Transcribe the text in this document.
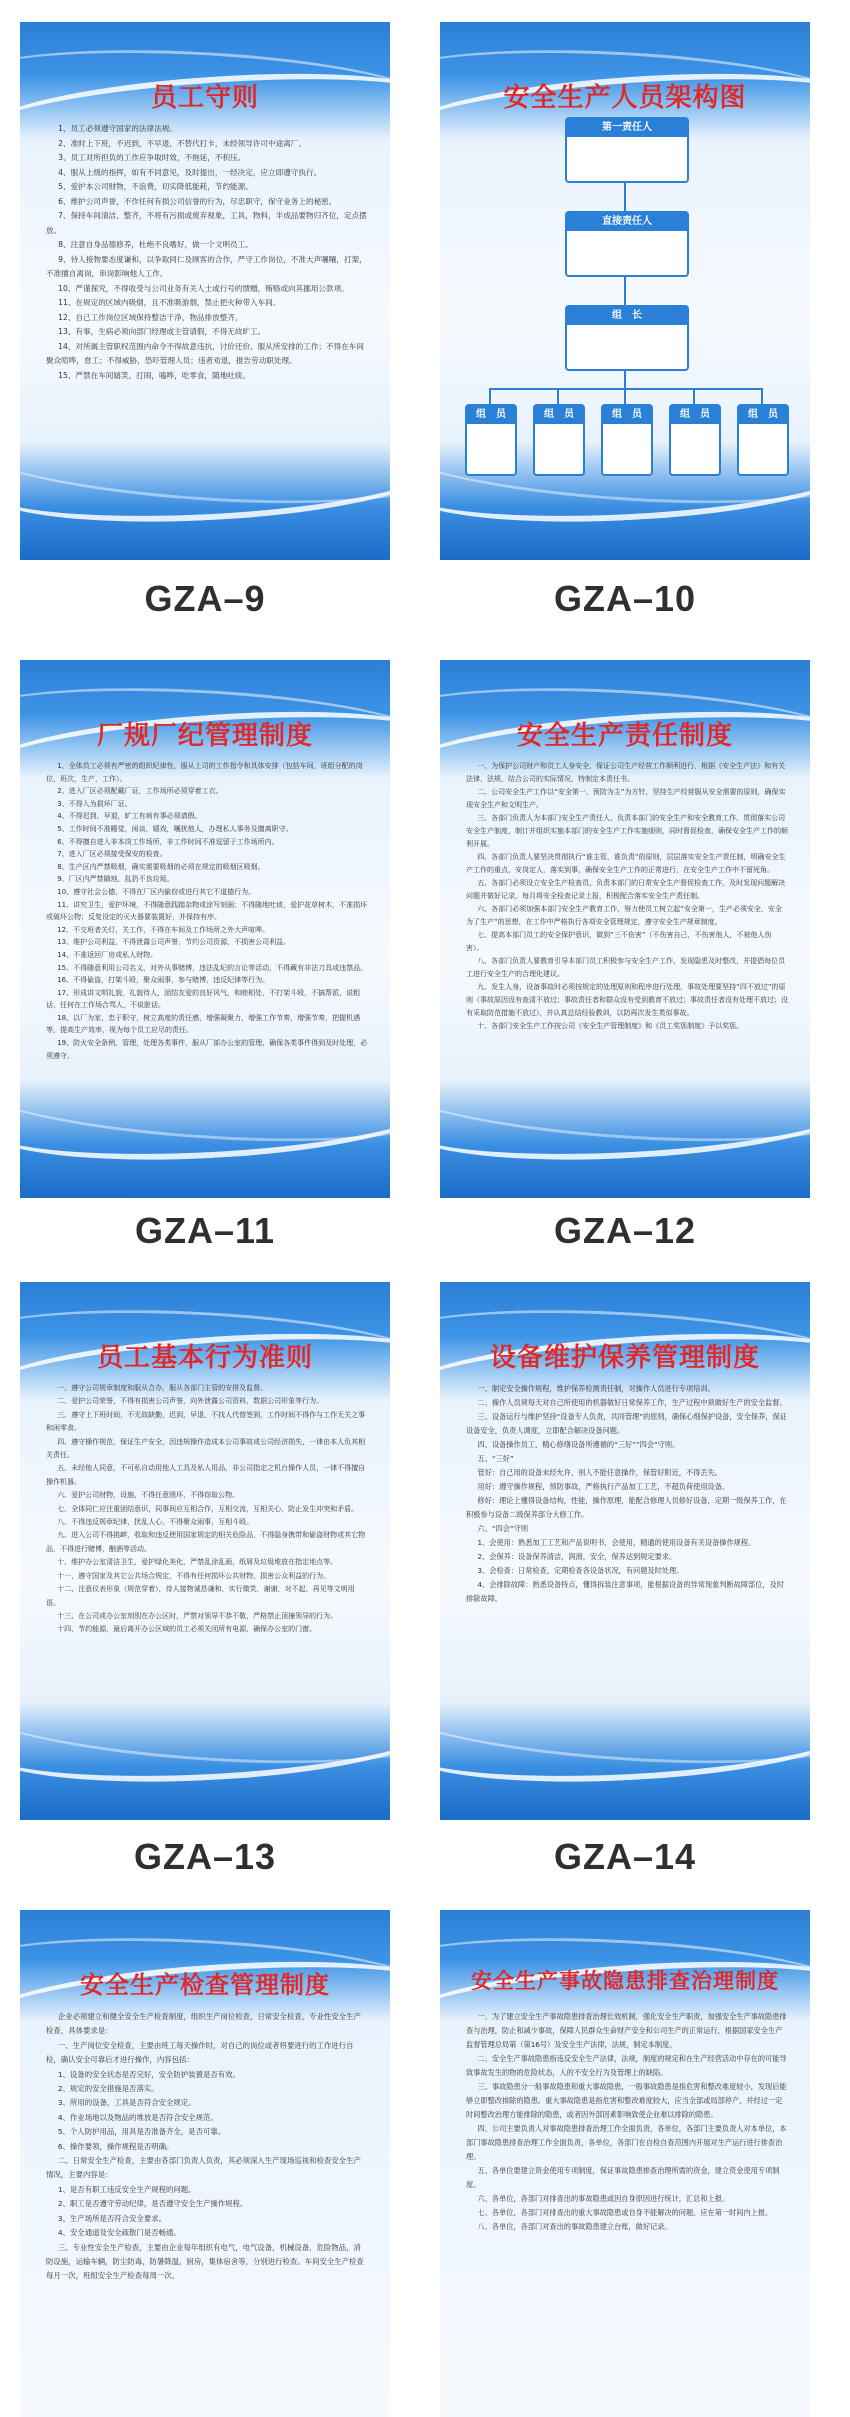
员工守则

1、员工必须遵守国家的法律法规。

2、准时上下班，不迟到，不早退，不替代打卡，未经领导许可中途离厂。

3、员工对所担负的工作应争取时效，不拖延，不积压。

4、服从上级的指挥，如有不同意见，及时提出，一经决定，应立即遵守执行。

5、爱护本公司财物，不浪费，切实降低能耗，节约能源。

6、维护公司声誉，不作任何有损公司信誉的行为，尽忠职守，保守业务上的秘密。

7、保持车间清洁、整齐，不将有污损或废弃视象，工具，物料，半成品要物归齐位，定点摆放。

8、注意自身品德修养，杜绝不良嗜好，做一个文明员工。

9、待人接物要态度谦和，以争取同仁及顾客的合作，严守工作岗位，不准大声嚷嚷，打架，不准擅自离岗，串岗影响他人工作。

10、严谨探究，不得收受与公司业务有关人士或行号的馈赠，贿赂或向其挪用公款项。

11、在规定的区域内吸烟，且不准吸游烟，禁止把火种带入车间。

12、自己工作岗位区域保持整洁干净，物品排放整齐。

13、有事，生病必须向部门经理或主管请假，不得无故旷工。

14、对所属主管职权范围内命令不得故意违抗，讨价还价，服从所安排的工作；不得在车间聚众喧哗，怠工；不得威胁，恐吓管理人员；违者劝退，报告劳动职处理。

15、严禁在车间嬉笑，打闹，嗑哗，吃零食，随地吐痰。

GZA–9
安全生产人员架构图
第一责任人
直接责任人
组　长
组　员	组　员	组　员	组　员	组　员
GZA–10
厂规厂纪管理制度

1、全体员工必须有严密的组织纪律性，服从上司的工作指令和具体安排（包括车间，班组分配的岗位，班次，生产，工作）。

2、进入厂区必须配戴厂证，工作场所必须穿着工衣。

3、不得入为损坏厂证。

4、不得迟到，早退，旷工有病有事必须请假。

5、工作时间不准睡觉，闲谈，嬉戏，嚷扰他人，办理私人事务及擅离职守。

6、不得擅自进入非本岗工作场所，非工作时间不准逗留于工作场所内。

7、进入厂区必须接受保安的检查。

8、生产区内严禁吸烟，确实需要吸烟的必须在规定的吸烟区吸烟。

9、厂区内严禁随地，乱扔不良垃圾。

10、遵守社会公德，不得在厂区内偷窃或进行其它不道德行为。

11、讲究卫生，爱护环境，不得随意践踏杂物或涂写刻画；不得随地吐痰，爱护花草树木，不准损坏或破坏公物；反复设定的灭火器要装置好，并保持有序。

12、不交班者关灯，关工作，不得在车间及工作场所之外大声喧哗。

13、维护公司利益，不得泄露公司声誉，节约公司资源，不损害公司利益。

14、不准返回厂房或私人财物。

15、不得随意利用公司名义，对外从事赌博，违法乱纪的言论等活动，不得藏有非法刀具或违禁品。

16、不得偷盗，打架斗殴，聚众闹事，参与赌博，违反纪律等行为。

17、形成讲文明礼貌，礼貌待人，团结友爱的良好风气，和睦相处，不打架斗殴，不搞帮派，说粗话，任何在工作场合骂人，不说脏话。

18、以厂为家，忠于职守，树立高度的责任感，增强凝聚力，增强工作节奏，增强节奏，把握机遇等，提高生产效率，视为每个员工应尽的责任。

19、防火安全条例，管理，处理各类事件，服从厂部办公室的管理，确保各类事件得到及时处理，必须遵守。

GZA–11
安全生产责任制度

一、为保护公司财产和员工人身安全，保证公司生产经营工作顺利进行，根据《安全生产法》和有关法律，法规，结合公司的实际情况，特制定本责任书。

二、公司安全生产工作以“安全第一，预防为主”为方针，坚持生产经营服从安全需要的原则，确保实现安全生产和文明生产。

三、各部门负责人为本部门安全生产责任人，负责本部门的安全生产和安全教育工作，贯彻落实公司安全生产制度，制订并组织实施本部门的安全生产工作实施细则，同时督促检查，确保安全生产工作的顺利开展。

四、各部门负责人要坚决贯彻执行“谁主管，谁负责”的原则，层层落实安全生产责任制，明确安全生产工作的重点，安岗定人，落实到事，确保安全生产工作的正常进行，在安全生产工作中不留死角。

五、各部门必须设立安全生产检查员，负责本部门的日常安全生产督促检查工作，及时发现问题解决问题并做好记录，每月将安全检查记录上报，积极配合落实安全生产责任制。

六、各部门必须加强本部门安全生产教育工作，努力使员工树立起“安全第一，生产必须安全，安全为了生产”的思想，在工作中严格执行各项安全管理规定，遵守安全生产规章制度。

七、提高本部门员工的安全保护意识，做到“三不伤害”（不伤害自己，不伤害他人，不被他人伤害）。

八、各部门负责人要教育引导本部门员工积极参与安全生产工作，发现隐患及时整改，并提倡每位员工进行安全生产的合理化建议。

九、发生人身，设备事故时必须按规定的处理原则和程序进行处理，事故处理要坚持“四不放过”的原则（事故原因没有查清不放过；事故责任者和群众没有受到教育不放过；事故责任者没有处理不放过；没有采取防范措施不放过），并认真总结经验教训，以防再次发生类似事故。

十、各部门安全生产工作按公司《安全生产管理制度》和《员工奖惩制度》予以奖惩。

GZA–12
员工基本行为准则

一、遵守公司规章制度和服从合办，服从各部门主管的安排及监督。

二、爱护公司荣誉，不得有损害公司声誉，向外泄露公司资料，数据公司形象等行为。

三、遵守上下班时间，不无故缺勤，迟到，早退，不找人代替签到，工作时间不得作与工作无关之事和闲零食。

四、遵守操作规范，保证生产安全，因违规操作造成本公司事故或公司经济损失，一律由本人负其相关责任。

五、未经他人同意，不可私自动用他人工具及私人用品，非公司指定之机台操作人员，一律不得擅自操作机器。

六、爱护公司财物，设施，不得任意毁坏，不得窃取公物。

七、全体同仁应注重团结意识，同事间应互相合作，互相交流，互相关心，防止发生冲突和矛盾。

八、不得违反规章纪律，扰乱人心，不得聚众闹事，互相斗殴。

九、进入公司不得挑衅，收取和违反使用国家规定的相关危险品，不得隐身携带和偷盗财物或其它物品，不得进行赌博，酗酒等活动。

十、维护办公室清洁卫生，爱护绿化美化，严禁乱涂乱画，纸屑及垃圾堆放在指定地点等。

十一、遵守国家及其它公共场合规定，不得有任何损坏公共财物，损害公众利益的行为。

十二、注意仪表形象（规范穿着），待人接物诚恳谦和，实行微笑，谢谢，对不起，再见等文明用语。

十三、在公司或办公室刻别在办公区时，严禁对领导不恭不敬，严格禁止顶撞领导的行为。

十四、节约能源，最后离开办公区域的员工必须关闭所有电源，确保办公室的门窗。

GZA–13
设备维护保养管理制度

一、制定安全操作规程，维护保养检测责任制，对操作人员进行专项培训。

二、操作人员须每天对自己所使用的机器做好日常保养工作，生产过程中须做好生产的安全监督。

三、设备运行与维护坚持“设备专人负责，共同管理”的原则，确保心细保护设备，安全保养，保证设备安全，负责人调度，立即配合解决设备问题。

四、设备操作员工，精心修缮设备所遵循的“三好”“四会”守则。

五、“三好”

管好：自己用的设备未经允许，别人不能任意操作，保管好附近，不得丢失。

用好：遵守操作规程，预防事故，严格执行产品加工工艺，不超负荷使用设备。

修好：理论上懂得设备结构，性能，操作原理，能配合修理人员修好设备，定期一级保养工作，在积极参与设备二级保养部分大修工作。

六、“四会”守则

1、会使用：熟悉加工工艺和产品说明书，会使用，精通的使用设备有关设备操作规程。

2、会保养：设备保养清洁，润滑，安全，保养达到规定要求。

3、会检查：日常检查，定期检查各设备状况，有问题及时处理。

4、会排除故障：熟悉设备特点，懂得拆装注意事项，能根据设备的异常现象判断故障部位，及时排除故障。

GZA–14
安全生产检查管理制度

企业必须建立和健全安全生产检查制度，组织生产岗位检查，日常安全检查，专业性安全生产检查，具体要求是：

一、生产岗位安全检查，主要由班工每天操作时，对自己的岗位或者将要进行的工作进行自检，确认安全可靠后才进行操作，内容包括：

1、设备的安全状态是否完好，安全防护装置是否有效。

2、规定的安全措施是否落实。

3、所用的设备，工具是否符合安全规定。

4、作业场地以及物品的堆放是否符合安全规范。

5、个人防护用品，用具是否准备齐全，是否可靠。

6、操作要领，操作规程是否明确。

二、日常安全生产检查，主要由各部门负责人负责，其必须深入生产现场巡视和检查安全生产情况，主要内容是：

1、是否有职工违反安全生产规程的问题。

2、职工是否遵守劳动纪律，是否遵守安全生产操作规程。

3、生产场所是否符合安全要求。

4、安全通道及安全疏散门是否畅通。

三、专业性安全生产检查，主要由企业每年组织有电气，电气设备，机械设备，危险物品，消防设施，运输车辆，防尘防毒，防暑降温，厨房，集体宿舍等，分别进行检查。车间安全生产检查每月一次，班组安全生产检查每周一次。

安全生产事故隐患排查治理制度

一、为了建立安全生产事故隐患排查治理长效机制，强化安全生产职责，加强安全生产事故隐患排查与治理，防止和减少事故，保障人民群众生命财产安全和公司生产的正常运行，根据国家安全生产监督管理总局第（第16号）及安全生产法律，法规，制定本制度。

二、安全生产事故隐患指违反安全生产法律，法规，制度的规定和在生产经营活动中存在的可能导致事故发生的物的危险状态，人的不安全行为及管理上的缺陷。

三、事故隐患分一般事故隐患和重大事故隐患，一般事故隐患是指危害和整改难度较小，发现后能够立即整改排除的隐患。重大事故隐患是指危害和整改难度较大，应当全部或局部停产，并经过一定时间整改治理方能排除的隐患，或者因外部因素影响致使企业难以排除的隐患。

四、公司主要负责人对事故隐患排查治理工作全面负责，各单位，各部门主要负责人对本单位，本部门事故隐患排查治理工作全面负责，各单位，各部门在自检自查范围内开展对生产运行进行排查治理。

五、各单位要建立资金使用专项制度，保证事故隐患排查治理所需的资金，建立资金使用专项制度。

六、各单位，各部门对排查出的事故隐患或因自身原因进行统计，汇总和上报。

七、各单位，各部门对排查出的重大事故隐患或自身不能解决的问题，应在第一时间内上报。

八、各单位，各部门对查出的事故隐患建立台账，做好记录。
